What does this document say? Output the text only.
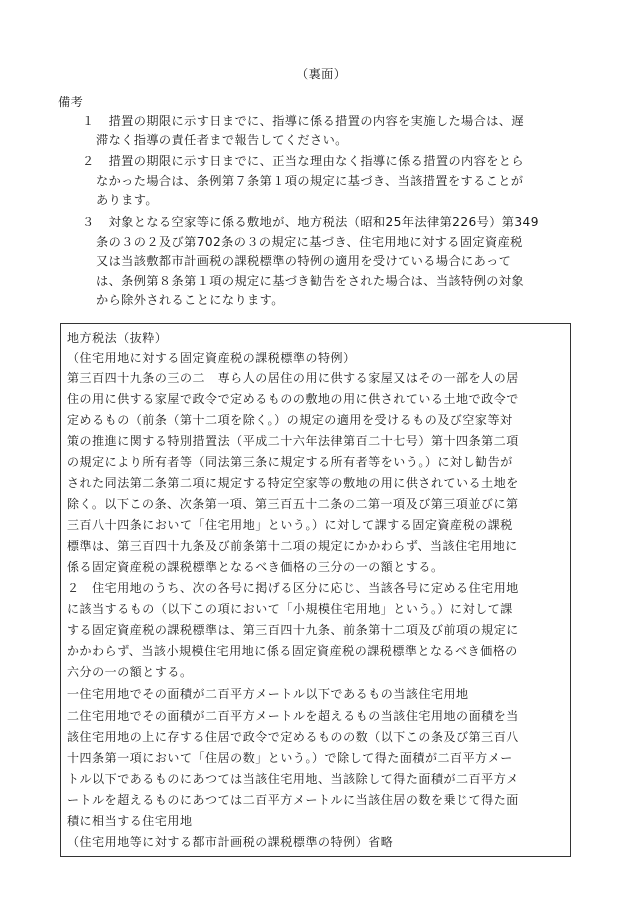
（裏面）
備考
１ 　措置の期限に示す日までに、指導に係る措置の内容を実施した場合は、遅
滞なく指導の責任者まで報告してください。
２ 　措置の期限に示す日までに、正当な理由なく指導に係る措置の内容をとら
なかった場合は、条例第７条第１項の規定に基づき、当該措置をすることが
あります。
３ 　対象となる空家等に係る敷地が、地方税法（昭和25年法律第226号）第349
条の３の２及び第702条の３の規定に基づき、住宅用地に対する固定資産税
又は当該敷都市計画税の課税標準の特例の適用を受けている場合にあって
は、条例第８条第１項の規定に基づき勧告をされた場合は、当該特例の対象
から除外されることになります。
地方税法（抜粋）
（住宅用地に対する固定資産税の課税標準の特例）
第三百四十九条の三の二　専ら人の居住の用に供する家屋又はその一部を人の居
住の用に供する家屋で政令で定めるものの敷地の用に供されている土地で政令で
定めるもの（前条（第十二項を除く。）の規定の適用を受けるもの及び空家等対
策の推進に関する特別措置法（平成二十六年法律第百二十七号）第十四条第二項
の規定により所有者等（同法第三条に規定する所有者等をいう。）に対し勧告が
された同法第二条第二項に規定する特定空家等の敷地の用に供されている土地を
除く。以下この条、次条第一項、第三百五十二条の二第一項及び第三項並びに第
三百八十四条において「住宅用地」という。）に対して課する固定資産税の課税
標準は、第三百四十九条及び前条第十二項の規定にかかわらず、当該住宅用地に
係る固定資産税の課税標準となるべき価格の三分の一の額とする。
２　住宅用地のうち、次の各号に掲げる区分に応じ、当該各号に定める住宅用地
に該当するもの（以下この項において「小規模住宅用地」という。）に対して課
する固定資産税の課税標準は、第三百四十九条、前条第十二項及び前項の規定に
かかわらず、当該小規模住宅用地に係る固定資産税の課税標準となるべき価格の
六分の一の額とする。
一住宅用地でその面積が二百平方メートル以下であるもの当該住宅用地
二住宅用地でその面積が二百平方メートルを超えるもの当該住宅用地の面積を当
該住宅用地の上に存する住居で政令で定めるものの数（以下この条及び第三百八
十四条第一項において「住居の数」という。）で除して得た面積が二百平方メー
トル以下であるものにあつては当該住宅用地、当該除して得た面積が二百平方メ
ートルを超えるものにあつては二百平方メートルに当該住居の数を乗じて得た面
積に相当する住宅用地
（住宅用地等に対する都市計画税の課税標準の特例）省略
